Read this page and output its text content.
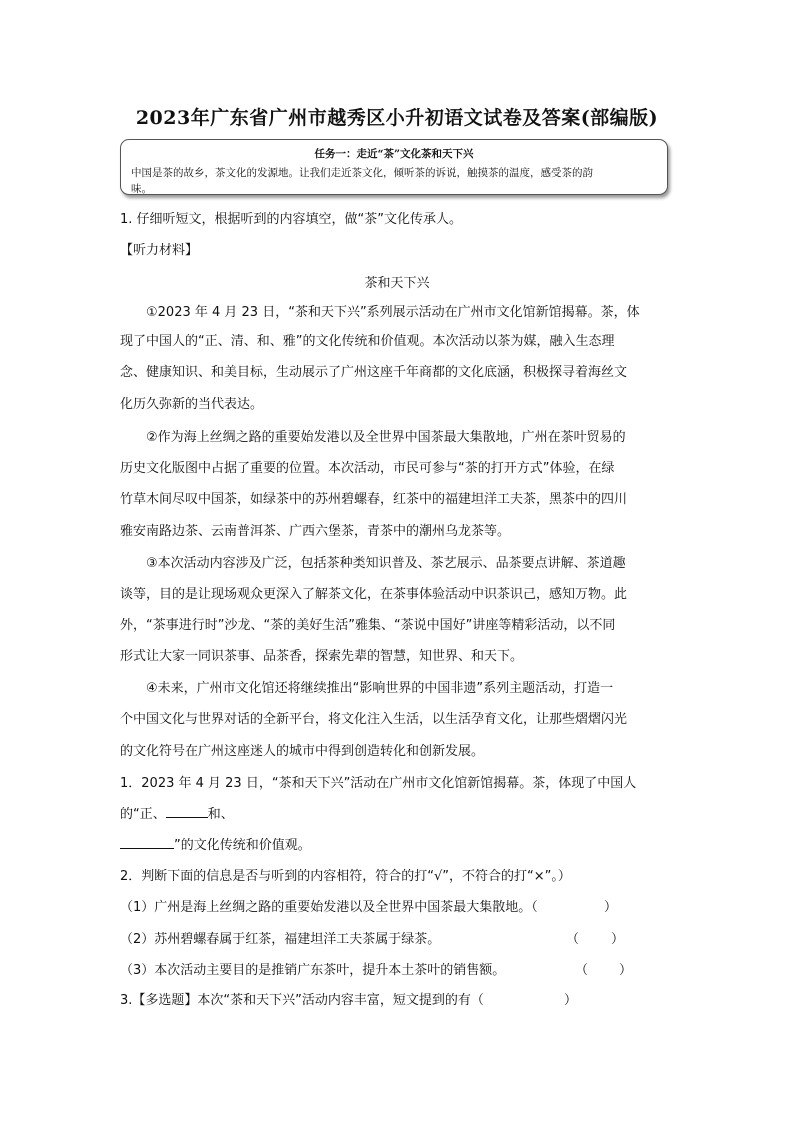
2023年广东省广州市越秀区小升初语文试卷及答案(部编版)
任务一：走近“茶”文化茶和天下兴
中国是茶的故乡，茶文化的发源地。让我们走近茶文化，倾听茶的诉说，触摸茶的温度，感受茶的韵
味。
1. 仔细听短文，根据听到的内容填空，做“茶”文化传承人。
【听力材料】
茶和天下兴
①2023 年 4 月 23 日，“茶和天下兴”系列展示活动在广州市文化馆新馆揭幕。茶，体
现了中国人的“正、清、和、雅”的文化传统和价值观。本次活动以茶为媒，融入生态理
念、健康知识、和美目标，生动展示了广州这座千年商都的文化底涵，积极探寻着海丝文
化历久弥新的当代表达。
②作为海上丝绸之路的重要始发港以及全世界中国茶最大集散地，广州在茶叶贸易的
历史文化版图中占据了重要的位置。本次活动，市民可参与“茶的打开方式”体验，在绿
竹草木间尽叹中国茶，如绿茶中的苏州碧螺春，红茶中的福建坦洋工夫茶，黑茶中的四川
雅安南路边茶、云南普洱茶、广西六堡茶，青茶中的潮州乌龙茶等。
③本次活动内容涉及广泛，包括茶种类知识普及、茶艺展示、品茶要点讲解、茶道趣
谈等，目的是让现场观众更深入了解茶文化，在茶事体验活动中识茶识己，感知万物。此
外，“茶事进行时”沙龙、“茶的美好生活”雅集、“茶说中国好”讲座等精彩活动，以不同
形式让大家一同识茶事、品茶香，探索先辈的智慧，知世界、和天下。
④未来，广州市文化馆还将继续推出“影响世界的中国非遗”系列主题活动，打造一
个中国文化与世界对话的全新平台，将文化注入生活，以生活孕育文化，让那些熠熠闪光
的文化符号在广州这座迷人的城市中得到创造转化和创新发展。
1．2023 年 4 月 23 日，“茶和天下兴”活动在广州市文化馆新馆揭幕。茶，体现了中国人
的“正、	和、
”的文化传统和价值观。
2．判断下面的信息是否与听到的内容相符，符合的打“√”，不符合的打“×”。）
（1）广州是海上丝绸之路的重要始发港以及全世界中国茶最大集散地。（	）
（2）苏州碧螺春属于红茶，福建坦洋工夫茶属于绿茶。	（ ）
（3）本次活动主要目的是推销广东茶叶，提升本土茶叶的销售额。	（ ）
3.【多选题】本次“茶和天下兴”活动内容丰富，短文提到的有（	）
